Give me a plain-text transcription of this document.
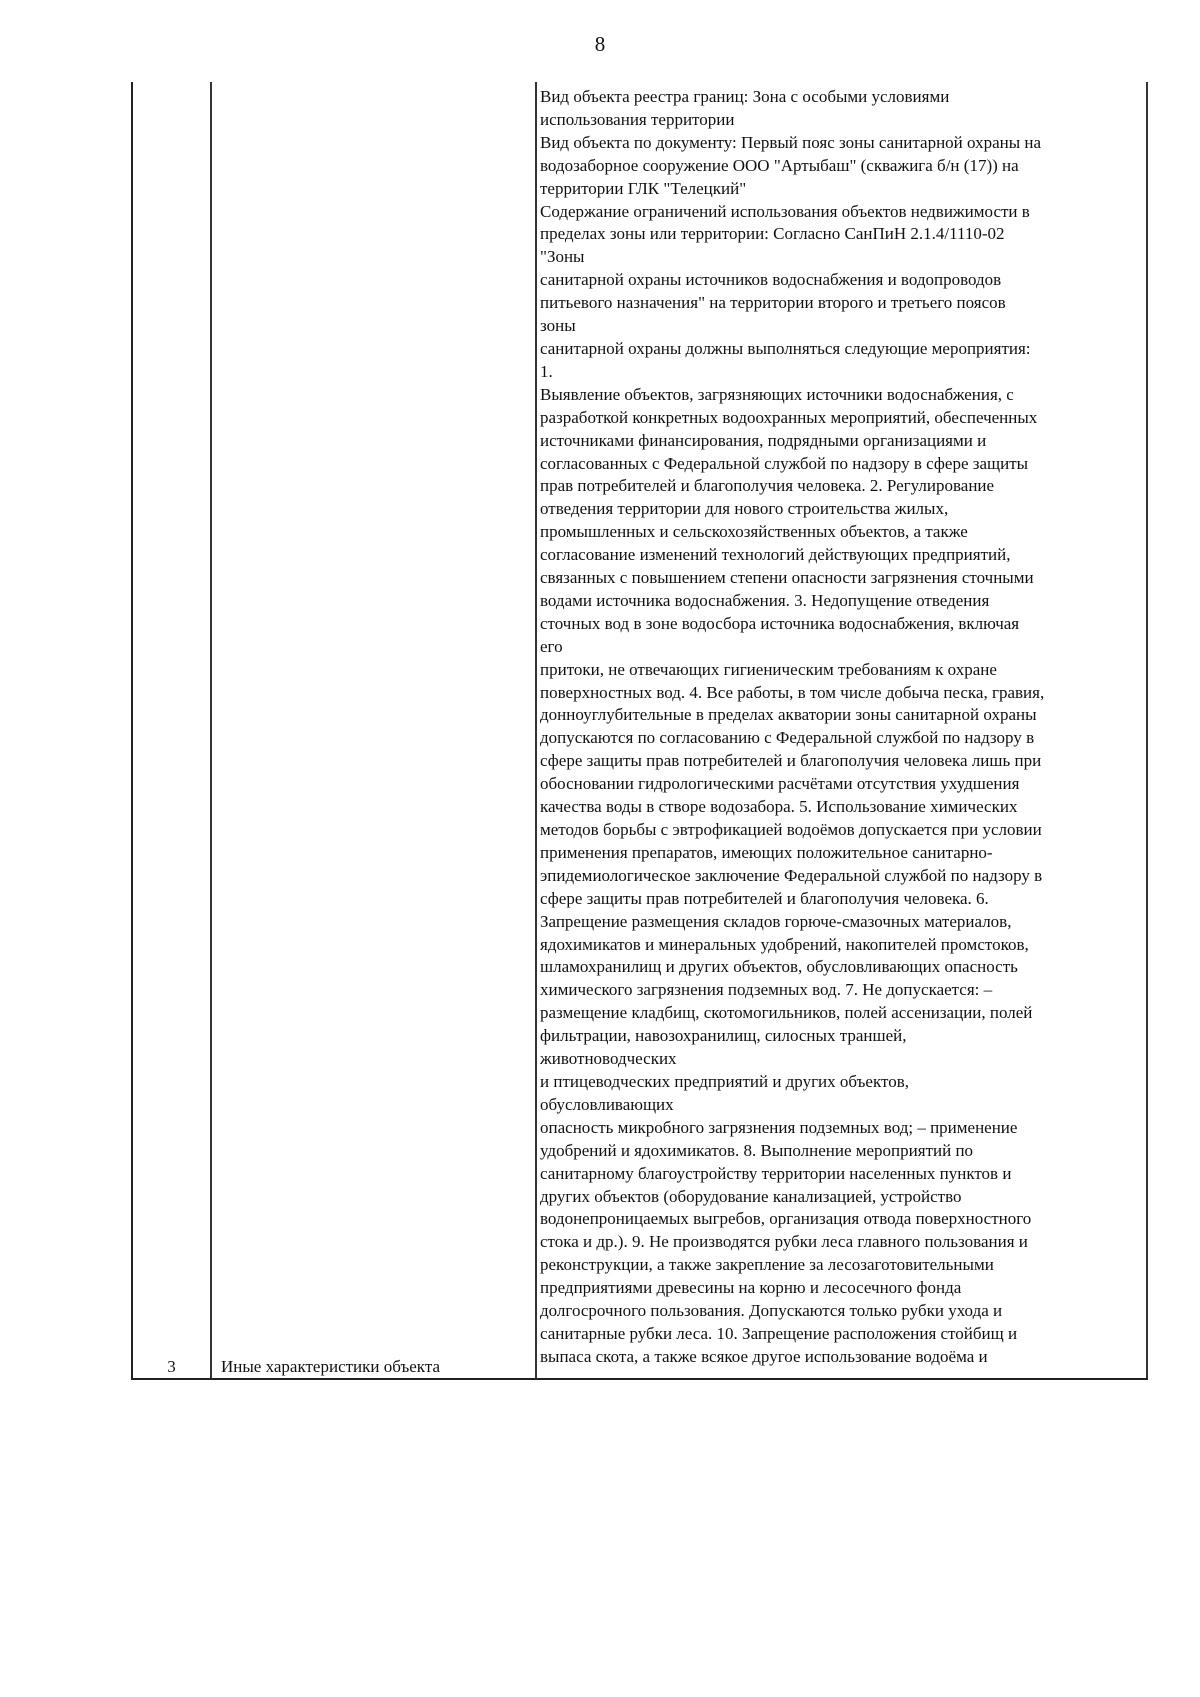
8
3	Иные характеристики объекта
Вид объекта реестра границ: Зона с особыми условиями
использования территории
Вид объекта по документу: Первый пояс зоны санитарной охраны на
водозаборное сооружение ООО "Артыбаш" (скважига б/н (17)) на
территории ГЛК "Телецкий"
Содержание ограничений использования объектов недвижимости в
пределах зоны или территории: Согласно СанПиН 2.1.4/1110-02
"Зоны
санитарной охраны источников водоснабжения и водопроводов
питьевого назначения" на территории второго и третьего поясов
зоны
санитарной охраны должны выполняться следующие мероприятия:
1.
Выявление объектов, загрязняющих источники водоснабжения, с
разработкой конкретных водоохранных мероприятий, обеспеченных
источниками финансирования, подрядными организациями и
согласованных с Федеральной службой по надзору в сфере защиты
прав потребителей и благополучия человека. 2. Регулирование
отведения территории для нового строительства жилых,
промышленных и сельскохозяйственных объектов, а также
согласование изменений технологий действующих предприятий,
связанных с повышением степени опасности загрязнения сточными
водами источника водоснабжения. 3. Недопущение отведения
сточных вод в зоне водосбора источника водоснабжения, включая
его
притоки, не отвечающих гигиеническим требованиям к охране
поверхностных вод. 4. Все работы, в том числе добыча песка, гравия,
донноуглубительные в пределах акватории зоны санитарной охраны
допускаются по согласованию с Федеральной службой по надзору в
сфере защиты прав потребителей и благополучия человека лишь при
обосновании гидрологическими расчётами отсутствия ухудшения
качества воды в створе водозабора. 5. Использование химических
методов борьбы с эвтрофикацией водоёмов допускается при условии
применения препаратов, имеющих положительное санитарно-
эпидемиологическое заключение Федеральной службой по надзору в
сфере защиты прав потребителей и благополучия человека. 6.
Запрещение размещения складов горюче-смазочных материалов,
ядохимикатов и минеральных удобрений, накопителей промстоков,
шламохранилищ и других объектов, обусловливающих опасность
химического загрязнения подземных вод. 7. Не допускается: –
размещение кладбищ, скотомогильников, полей ассенизации, полей
фильтрации, навозохранилищ, силосных траншей,
животноводческих
и птицеводческих предприятий и других объектов,
обусловливающих
опасность микробного загрязнения подземных вод; – применение
удобрений и ядохимикатов. 8. Выполнение мероприятий по
санитарному благоустройству территории населенных пунктов и
других объектов (оборудование канализацией, устройство
водонепроницаемых выгребов, организация отвода поверхностного
стока и др.). 9. Не производятся рубки леса главного пользования и
реконструкции, а также закрепление за лесозаготовительными
предприятиями древесины на корню и лесосечного фонда
долгосрочного пользования. Допускаются только рубки ухода и
санитарные рубки леса. 10. Запрещение расположения стойбищ и
выпаса скота, а также всякое другое использование водоёма и
